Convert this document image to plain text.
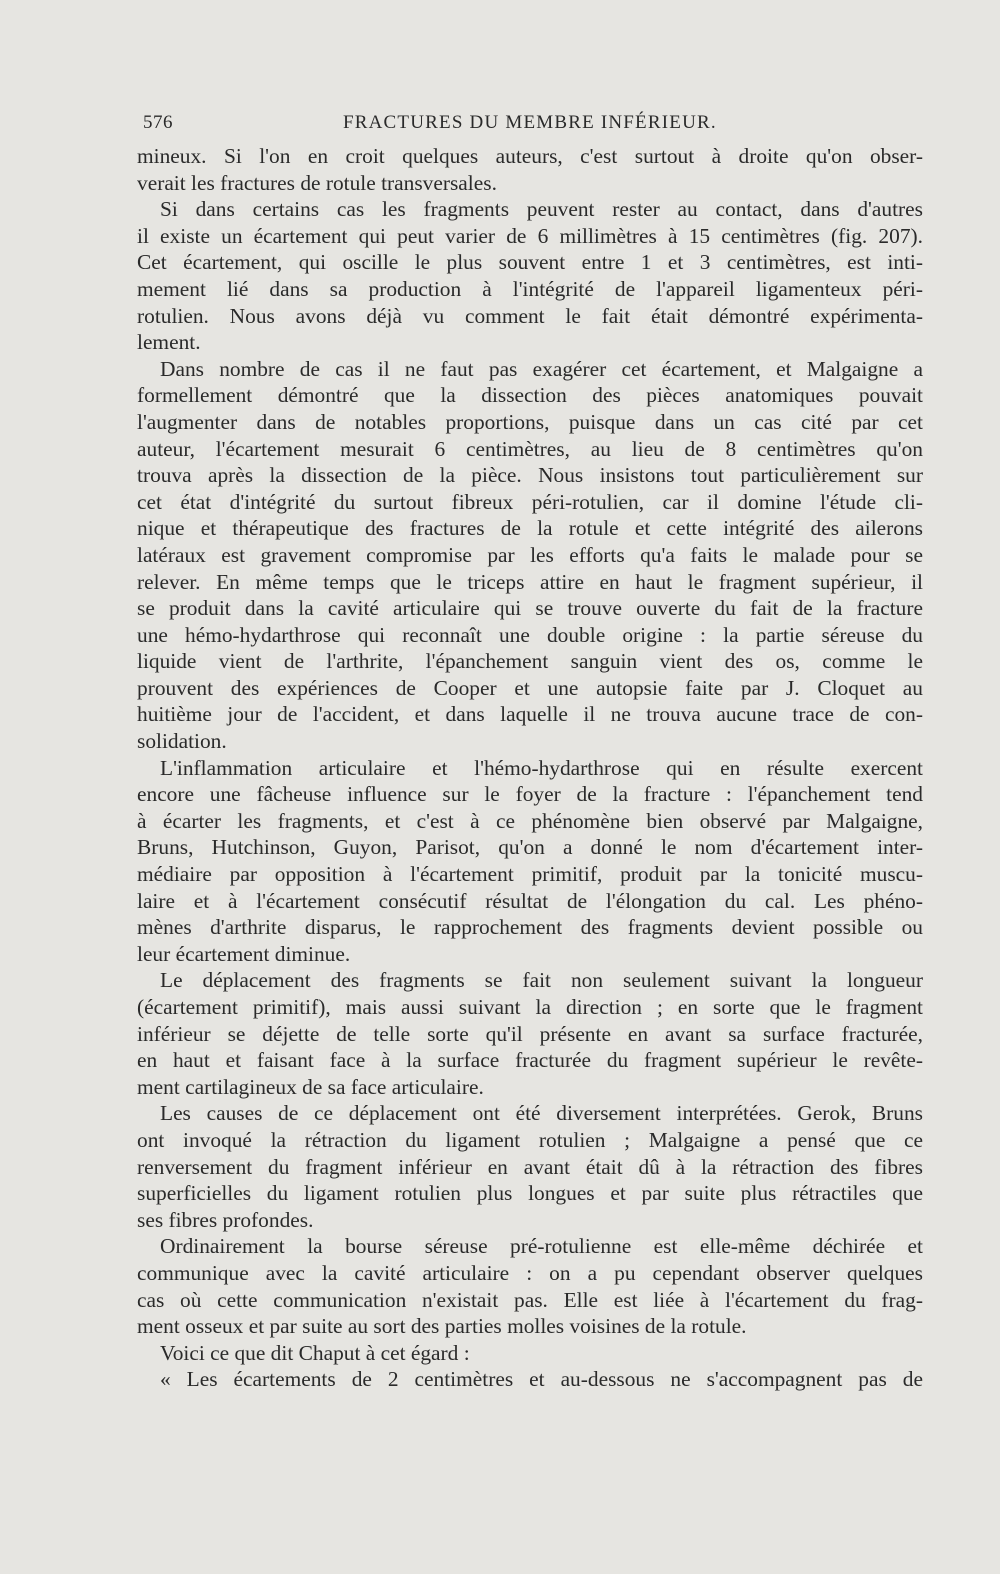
576	FRACTURES DU MEMBRE INFÉRIEUR.
mineux. Si l'on en croit quelques auteurs, c'est surtout à droite qu'on obser-
verait les fractures de rotule transversales.
Si dans certains cas les fragments peuvent rester au contact, dans d'autres
il existe un écartement qui peut varier de 6 millimètres à 15 centimètres (fig. 207).
Cet écartement, qui oscille le plus souvent entre 1 et 3 centimètres, est inti-
mement lié dans sa production à l'intégrité de l'appareil ligamenteux péri-
rotulien. Nous avons déjà vu comment le fait était démontré expérimenta-
lement.
Dans nombre de cas il ne faut pas exagérer cet écartement, et Malgaigne a
formellement démontré que la dissection des pièces anatomiques pouvait
l'augmenter dans de notables proportions, puisque dans un cas cité par cet
auteur, l'écartement mesurait 6 centimètres, au lieu de 8 centimètres qu'on
trouva après la dissection de la pièce. Nous insistons tout particulièrement sur
cet état d'intégrité du surtout fibreux péri-rotulien, car il domine l'étude cli-
nique et thérapeutique des fractures de la rotule et cette intégrité des ailerons
latéraux est gravement compromise par les efforts qu'a faits le malade pour se
relever. En même temps que le triceps attire en haut le fragment supérieur, il
se produit dans la cavité articulaire qui se trouve ouverte du fait de la fracture
une hémo-hydarthrose qui reconnaît une double origine : la partie séreuse du
liquide vient de l'arthrite, l'épanchement sanguin vient des os, comme le
prouvent des expériences de Cooper et une autopsie faite par J. Cloquet au
huitième jour de l'accident, et dans laquelle il ne trouva aucune trace de con-
solidation.
L'inflammation articulaire et l'hémo-hydarthrose qui en résulte exercent
encore une fâcheuse influence sur le foyer de la fracture : l'épanchement tend
à écarter les fragments, et c'est à ce phénomène bien observé par Malgaigne,
Bruns, Hutchinson, Guyon, Parisot, qu'on a donné le nom d'écartement inter-
médiaire par opposition à l'écartement primitif, produit par la tonicité muscu-
laire et à l'écartement consécutif résultat de l'élongation du cal. Les phéno-
mènes d'arthrite disparus, le rapprochement des fragments devient possible ou
leur écartement diminue.
Le déplacement des fragments se fait non seulement suivant la longueur
(écartement primitif), mais aussi suivant la direction ; en sorte que le fragment
inférieur se déjette de telle sorte qu'il présente en avant sa surface fracturée,
en haut et faisant face à la surface fracturée du fragment supérieur le revête-
ment cartilagineux de sa face articulaire.
Les causes de ce déplacement ont été diversement interprétées. Gerok, Bruns
ont invoqué la rétraction du ligament rotulien ; Malgaigne a pensé que ce
renversement du fragment inférieur en avant était dû à la rétraction des fibres
superficielles du ligament rotulien plus longues et par suite plus rétractiles que
ses fibres profondes.
Ordinairement la bourse séreuse pré-rotulienne est elle-même déchirée et
communique avec la cavité articulaire : on a pu cependant observer quelques
cas où cette communication n'existait pas. Elle est liée à l'écartement du frag-
ment osseux et par suite au sort des parties molles voisines de la rotule.
Voici ce que dit Chaput à cet égard :
« Les écartements de 2 centimètres et au-dessous ne s'accompagnent pas de
